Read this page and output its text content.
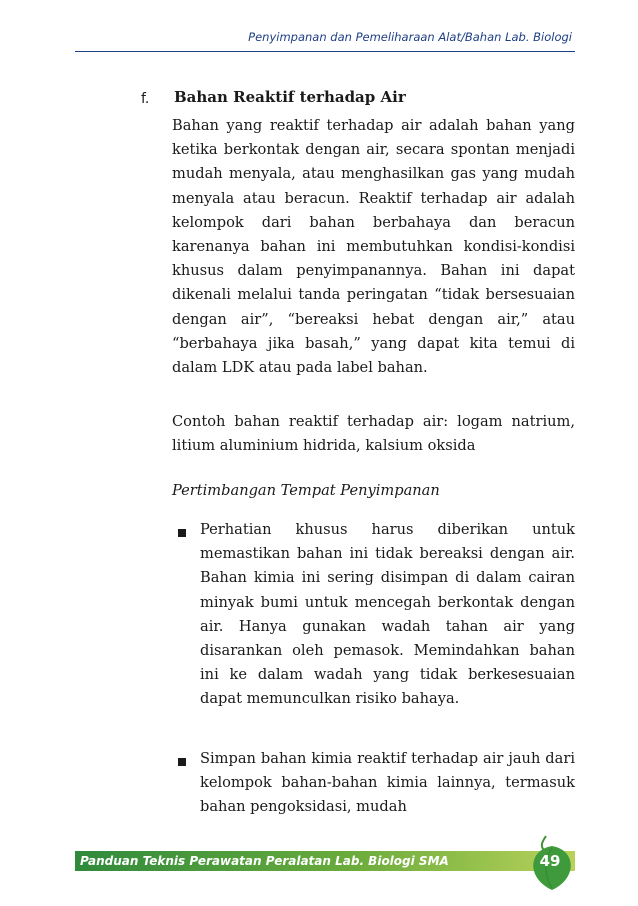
Penyimpanan dan Pemeliharaan Alat/Bahan Lab. Biologi
f. Bahan Reaktif terhadap Air

Bahan yang reaktif terhadap air adalah bahan yang ketika berkontak dengan air, secara spontan menjadi mudah menyala, atau menghasilkan gas yang mudah menyala atau beracun. Reaktif terhadap air adalah kelompok dari bahan berbahaya dan beracun karenanya bahan ini membutuhkan kondisi-kondisi khusus dalam penyimpanannya. Bahan ini dapat dikenali melalui tanda peringatan “tidak bersesuaian dengan air”, “bereaksi hebat dengan air,” atau “berbahaya jika basah,” yang dapat kita temui di dalam LDK atau pada label bahan.

Contoh bahan reaktif terhadap air: logam natrium, litium aluminium hidrida, kalsium oksida

Pertimbangan Tempat Penyimpanan

Perhatian khusus harus diberikan untuk memastikan bahan ini tidak bereaksi dengan air. Bahan kimia ini sering disimpan di dalam cairan minyak bumi untuk mencegah berkontak dengan air. Hanya gunakan wadah tahan air yang disarankan oleh pemasok. Memindahkan bahan ini ke dalam wadah yang tidak berkesesuaian dapat memunculkan risiko bahaya.

Simpan bahan kimia reaktif terhadap air jauh dari kelompok bahan-bahan kimia lainnya, termasuk bahan pengoksidasi, mudah

Panduan Teknis Perawatan Peralatan Lab. Biologi SMA	49
